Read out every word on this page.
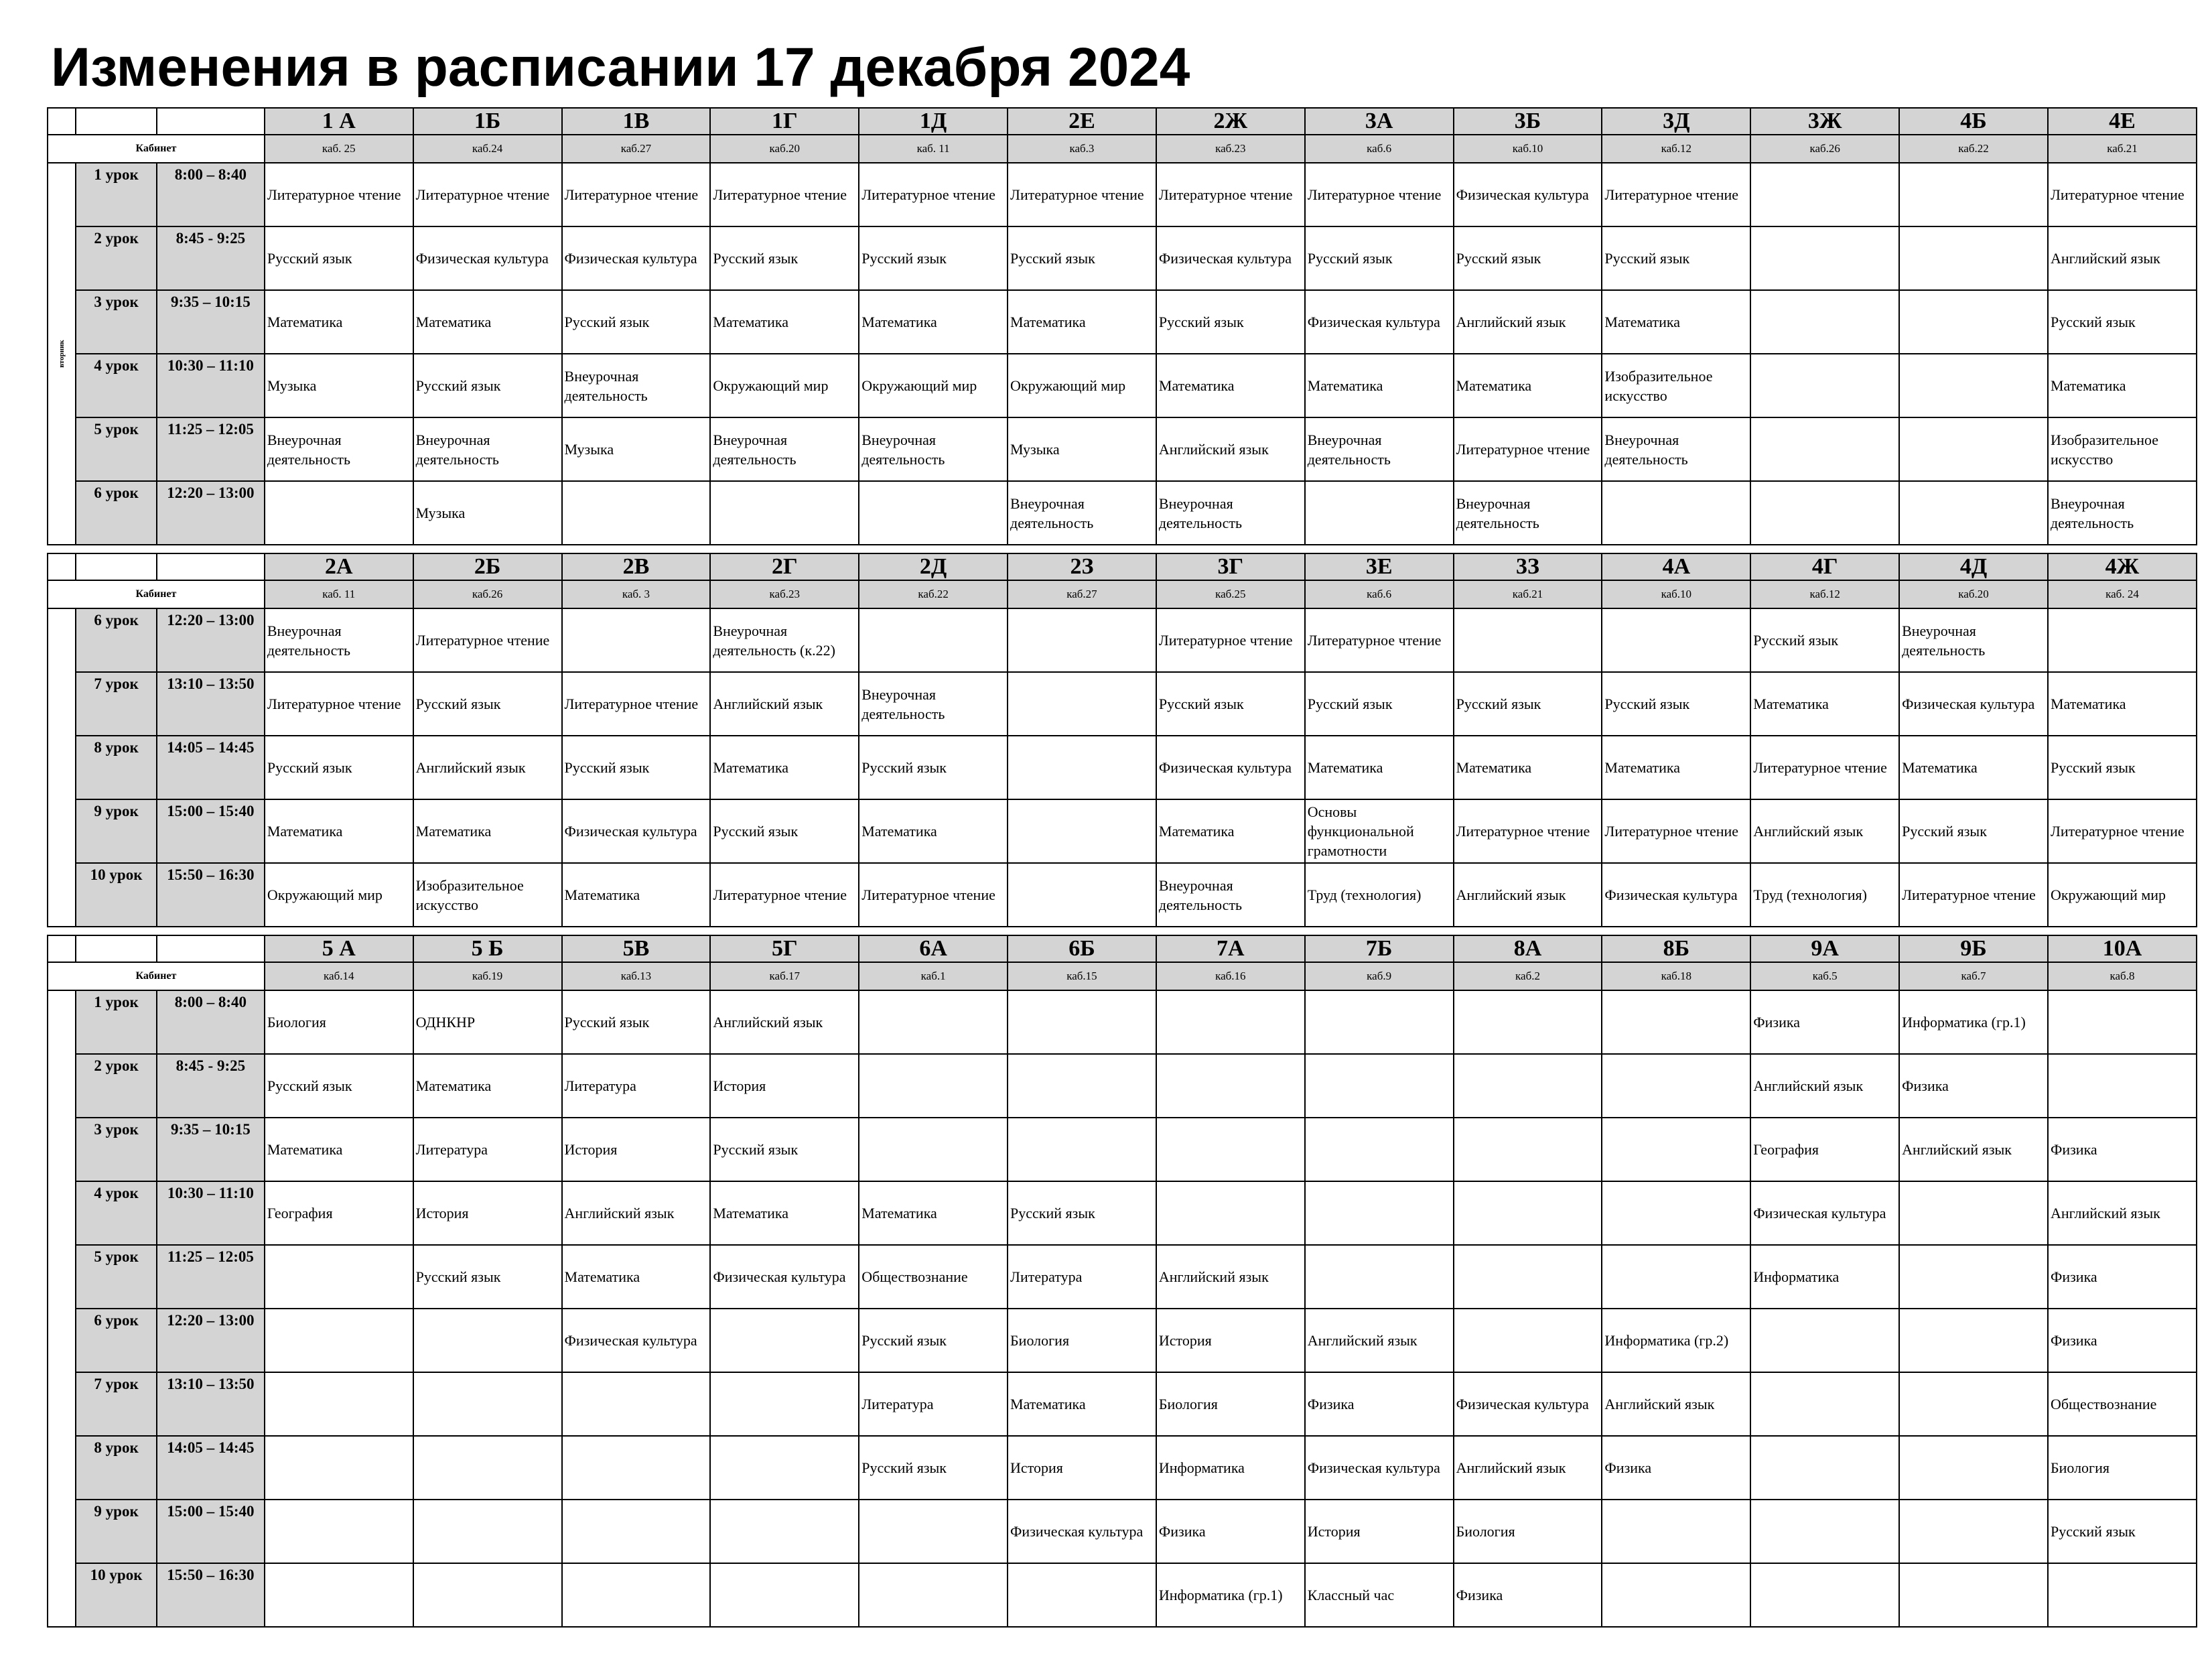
Изменения в расписании 17 декабря 2024
			1 А	1Б	1В	1Г	1Д	2Е	2Ж	3А	3Б	3Д	3Ж	4Б	4Е
Кабинет			каб. 25	каб.24	каб.27	каб.20	каб. 11	каб.3	каб.23	каб.6	каб.10	каб.12	каб.26	каб.22	каб.21

вторник	1 урок	8:00 – 8:40	Литературное чтение	Литературное чтение	Литературное чтение	Литературное чтение	Литературное чтение	Литературное чтение	Литературное чтение	Литературное чтение	Физическая культура	Литературное чтение			Литературное чтение
	2 урок	8:45 - 9:25	Русский язык	Физическая культура	Физическая культура	Русский язык	Русский язык	Русский язык	Физическая культура	Русский язык	Русский язык	Русский язык			Английский язык
	3 урок	9:35 – 10:15	Математика	Математика	Русский язык	Математика	Математика	Математика	Русский язык	Физическая культура	Английский язык	Математика			Русский язык
	4 урок	10:30 – 11:10	Музыка	Русский язык	Внеурочная деятельность	Окружающий мир	Окружающий мир	Окружающий мир	Математика	Математика	Математика	Изобразительное искусство			Математика
	5 урок	11:25 – 12:05	Внеурочная деятельность	Внеурочная деятельность	Музыка	Внеурочная деятельность	Внеурочная деятельность	Музыка	Английский язык	Внеурочная деятельность	Литературное чтение	Внеурочная деятельность			Изобразительное искусство
	6 урок	12:20 – 13:00		Музыка				Внеурочная деятельность	Внеурочная деятельность		Внеурочная деятельность				Внеурочная деятельность
			2А	2Б	2В	2Г	2Д	2З	3Г	3Е	3З	4А	4Г	4Д	4Ж
Кабинет			каб. 11	каб.26	каб. 3	каб.23	каб.22	каб.27	каб.25	каб.6	каб.21	каб.10	каб.12	каб.20	каб. 24
	6 урок	12:20 – 13:00	Внеурочная деятельность	Литературное чтение		Внеурочная деятельность (к.22)			Литературное чтение	Литературное чтение			Русский язык	Внеурочная деятельность	
	7 урок	13:10 – 13:50	Литературное чтение	Русский язык	Литературное чтение	Английский язык	Внеурочная деятельность		Русский язык	Русский язык	Русский язык	Русский язык	Математика	Физическая культура	Математика
	8 урок	14:05 – 14:45	Русский язык	Английский язык	Русский язык	Математика	Русский язык		Физическая культура	Математика	Математика	Математика	Литературное чтение	Математика	Русский язык
	9 урок	15:00 – 15:40	Математика	Математика	Физическая культура	Русский язык	Математика		Математика	Основы функциональной грамотности	Литературное чтение	Литературное чтение	Английский язык	Русский язык	Литературное чтение
	10 урок	15:50 – 16:30	Окружающий мир	Изобразительное искусство	Математика	Литературное чтение	Литературное чтение		Внеурочная деятельность	Труд (технология)	Английский язык	Физическая культура	Труд (технология)	Литературное чтение	Окружающий мир
			5 А	5 Б	5В	5Г	6А	6Б	7А	7Б	8А	8Б	9А	9Б	10А
Кабинет			каб.14	каб.19	каб.13	каб.17	каб.1	каб.15	каб.16	каб.9	каб.2	каб.18	каб.5	каб.7	каб.8
	1 урок	8:00 – 8:40	Биология	ОДНКНР	Русский язык	Английский язык							Физика	Информатика (гр.1)	
	2 урок	8:45 - 9:25	Русский язык	Математика	Литература	История							Английский язык	Физика	
	3 урок	9:35 – 10:15	Математика	Литература	История	Русский язык							География	Английский язык	Физика
	4 урок	10:30 – 11:10	География	История	Английский язык	Математика	Математика	Русский язык					Физическая культура		Английский язык
	5 урок	11:25 – 12:05		Русский язык	Математика	Физическая культура	Обществознание	Литература	Английский язык				Информатика		Физика
	6 урок	12:20 – 13:00			Физическая культура		Русский язык	Биология	История	Английский язык		Информатика (гр.2)			Физика
	7 урок	13:10 – 13:50					Литература	Математика	Биология	Физика	Физическая культура	Английский язык			Обществознание
	8 урок	14:05 – 14:45					Русский язык	История	Информатика	Физическая культура	Английский язык	Физика			Биология
	9 урок	15:00 – 15:40						Физическая культура	Физика	История	Биология				Русский язык
	10 урок	15:50 – 16:30							Информатика (гр.1)	Классный час	Физика				
